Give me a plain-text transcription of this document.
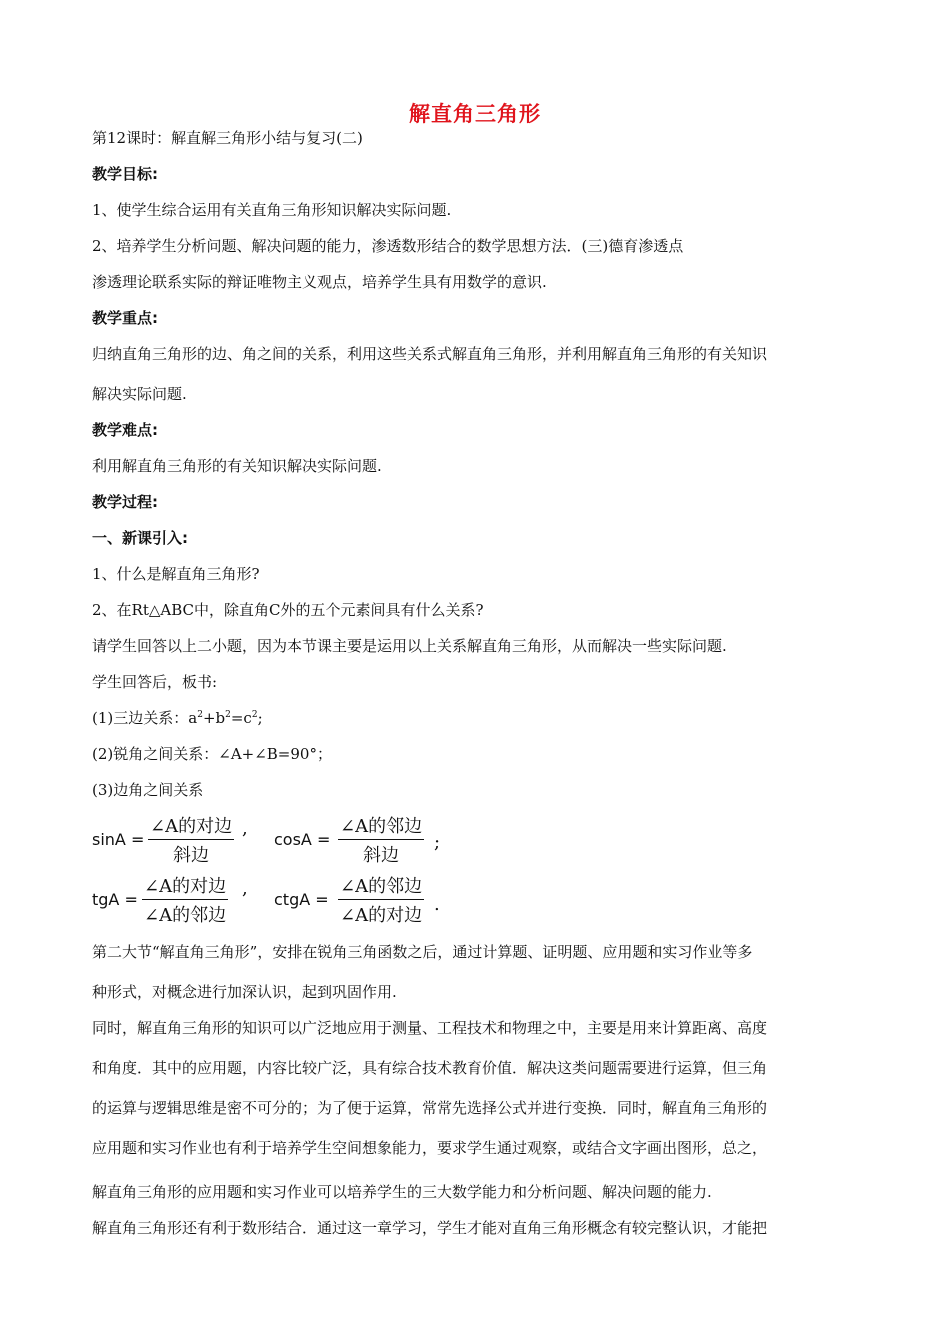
解直角三角形
第12课时：解直解三角形小结与复习(二)
教学目标:
1、使学生综合运用有关直角三角形知识解决实际问题.
2、培养学生分析问题、解决问题的能力，渗透数形结合的数学思想方法．(三)德育渗透点
渗透理论联系实际的辩证唯物主义观点，培养学生具有用数学的意识.
教学重点:
归纳直角三角形的边、角之间的关系，利用这些关系式解直角三角形，并利用解直角三角形的有关知识
解决实际问题.
教学难点:
利用解直角三角形的有关知识解决实际问题.
教学过程:
一、新课引入:
1、什么是解直角三角形?
2、在Rt△ABC中，除直角C外的五个元素间具有什么关系?
请学生回答以上二小题，因为本节课主要是运用以上关系解直角三角形，从而解决一些实际问题.
学生回答后，板书:
(1)三边关系：$a^2+b^2=c^2$;
(2)锐角之间关系：∠A+∠B=90°；
(3)边角之间关系
sinA =
∠A的对边
斜边
,
cosA =
∠A的邻边
斜边
;
tgA =
∠A的对边
∠A的邻边
,
ctgA =
∠A的邻边
∠A的对边
.
第二大节“解直角三角形”，安排在锐角三角函数之后，通过计算题、证明题、应用题和实习作业等多
种形式，对概念进行加深认识，起到巩固作用.
同时，解直角三角形的知识可以广泛地应用于测量、工程技术和物理之中，主要是用来计算距离、高度
和角度．其中的应用题，内容比较广泛，具有综合技术教育价值．解决这类问题需要进行运算，但三角
的运算与逻辑思维是密不可分的；为了便于运算，常常先选择公式并进行变换．同时，解直角三角形的
应用题和实习作业也有利于培养学生空间想象能力，要求学生通过观察，或结合文字画出图形，总之，
解直角三角形的应用题和实习作业可以培养学生的三大数学能力和分析问题、解决问题的能力.
解直角三角形还有利于数形结合．通过这一章学习，学生才能对直角三角形概念有较完整认识，才能把
